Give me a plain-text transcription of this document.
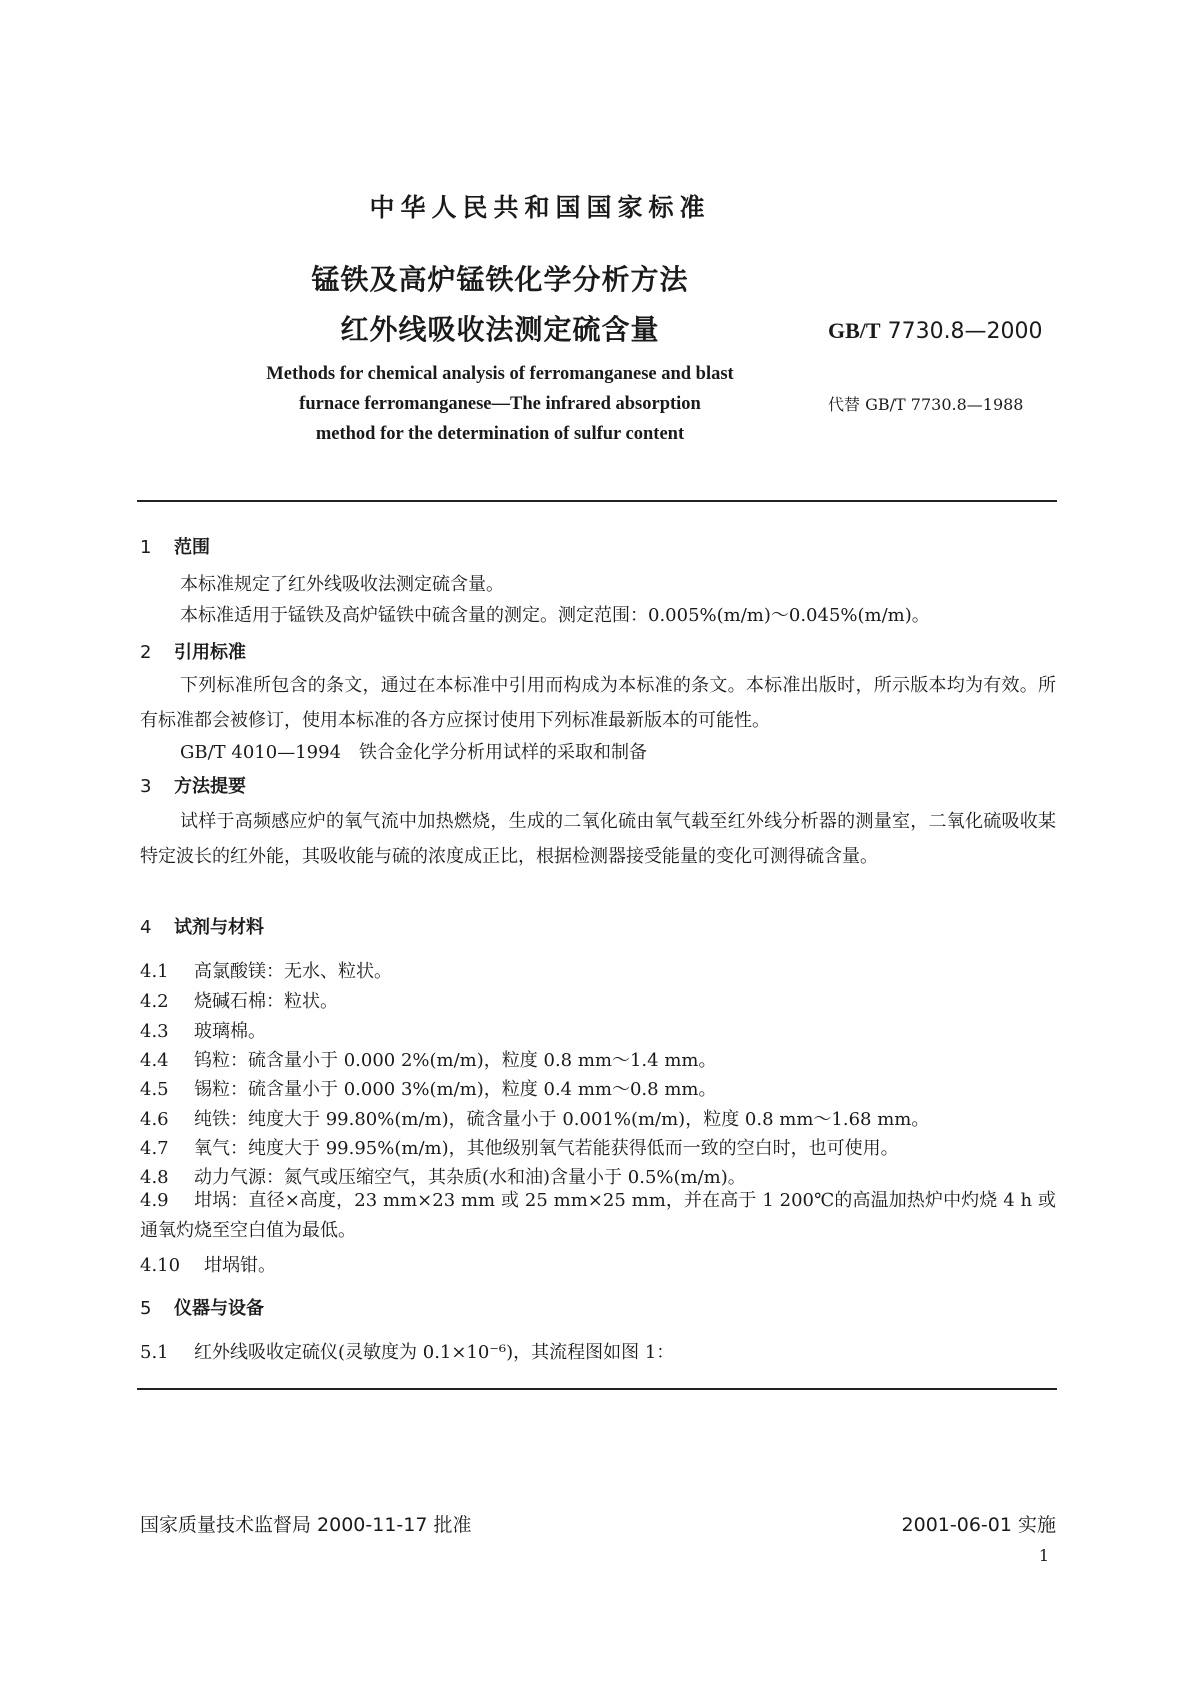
中华人民共和国国家标准
锰铁及高炉锰铁化学分析方法
红外线吸收法测定硫含量	GB/T 7730.8—2000
代替 GB/T 7730.8—1988
Methods for chemical analysis of ferromanganese and blast
furnace ferromanganese—The infrared absorption
method for the determination of sulfur content
1 范围
本标准规定了红外线吸收法测定硫含量。
本标准适用于锰铁及高炉锰铁中硫含量的测定。测定范围：0.005%(m/m)～0.045%(m/m)。
2 引用标准
下列标准所包含的条文，通过在本标准中引用而构成为本标准的条文。本标准出版时，所示版本均为有效。所有标准都会被修订，使用本标准的各方应探讨使用下列标准最新版本的可能性。
GB/T 4010—1994　铁合金化学分析用试样的采取和制备
3 方法提要
试样于高频感应炉的氧气流中加热燃烧，生成的二氧化硫由氧气载至红外线分析器的测量室，二氧化硫吸收某特定波长的红外能，其吸收能与硫的浓度成正比，根据检测器接受能量的变化可测得硫含量。
4 试剂与材料
4.1 高氯酸镁：无水、粒状。
4.2 烧碱石棉：粒状。
4.3 玻璃棉。
4.4 钨粒：硫含量小于 0.000 2%(m/m)，粒度 0.8 mm～1.4 mm。
4.5 锡粒：硫含量小于 0.000 3%(m/m)，粒度 0.4 mm～0.8 mm。
4.6 纯铁：纯度大于 99.80%(m/m)，硫含量小于 0.001%(m/m)，粒度 0.8 mm～1.68 mm。
4.7 氧气：纯度大于 99.95%(m/m)，其他级别氧气若能获得低而一致的空白时，也可使用。
4.8 动力气源：氮气或压缩空气，其杂质(水和油)含量小于 0.5%(m/m)。
4.9 坩埚：直径×高度，23 mm×23 mm 或 25 mm×25 mm，并在高于 1 200℃的高温加热炉中灼烧 4 h 或通氧灼烧至空白值为最低。
4.10 坩埚钳。
5 仪器与设备
5.1 红外线吸收定硫仪(灵敏度为 0.1×10⁻⁶)，其流程图如图 1：
国家质量技术监督局 2000-11-17 批准	2001-06-01 实施
1
